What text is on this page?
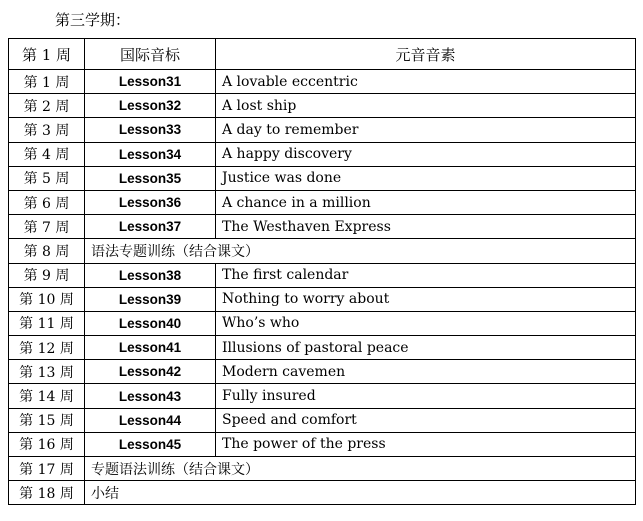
第三学期：
第 1 周	国际音标	元音音素
第 1 周	Lesson31	A lovable eccentric
第 2 周	Lesson32	A lost ship
第 3 周	Lesson33	A day to remember
第 4 周	Lesson34	A happy discovery
第 5 周	Lesson35	Justice was done
第 6 周	Lesson36	A chance in a million
第 7 周	Lesson37	The Westhaven Express
第 8 周	语法专题训练（结合课文）	
第 9 周	Lesson38	The first calendar
第 10 周	Lesson39	Nothing to worry about
第 11 周	Lesson40	Who’s who
第 12 周	Lesson41	Illusions of pastoral peace
第 13 周	Lesson42	Modern cavemen
第 14 周	Lesson43	Fully insured
第 15 周	Lesson44	Speed and comfort
第 16 周	Lesson45	The power of the press
第 17 周	专题语法训练（结合课文）	
第 18 周	小结	
